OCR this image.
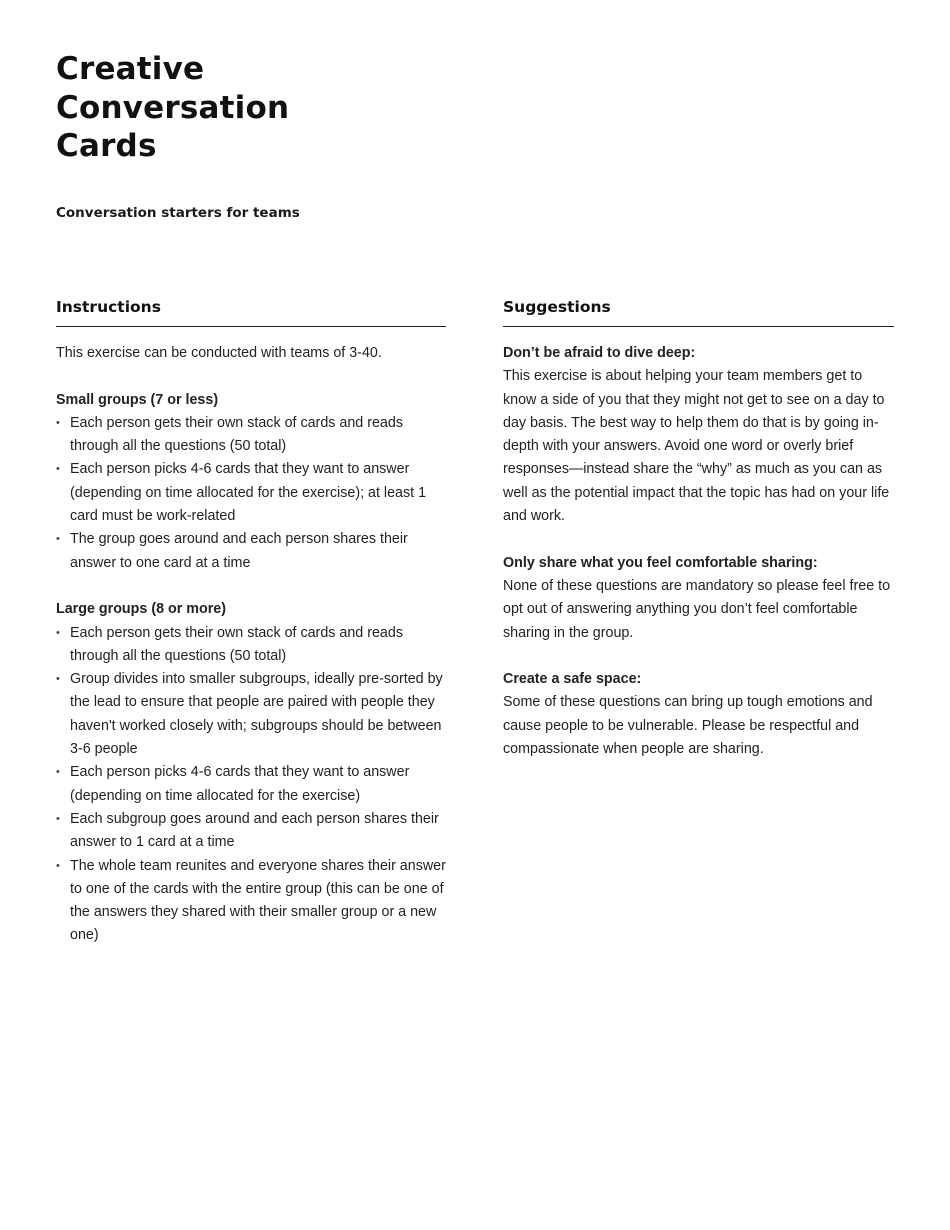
Creative
Conversation
Cards

Conversation starters for teams

Instructions

This exercise can be conducted with teams of 3-40.

Small groups (7 or less)

• Each person gets their own stack of cards and reads through all the questions (50 total)
• Each person picks 4-6 cards that they want to answer (depending on time allocated for the exercise); at least 1 card must be work-related
• The group goes around and each person shares their answer to one card at a time

Large groups (8 or more)

• Each person gets their own stack of cards and reads through all the questions (50 total)
• Group divides into smaller subgroups, ideally pre-sorted by the lead to ensure that people are paired with people they haven't worked closely with; subgroups should be between 3-6 people
• Each person picks 4-6 cards that they want to answer (depending on time allocated for the exercise)
• Each subgroup goes around and each person shares their answer to 1 card at a time
• The whole team reunites and everyone shares their answer to one of the cards with the entire group (this can be one of the answers they shared with their smaller group or a new one)
Suggestions

Don’t be afraid to dive deep:

This exercise is about helping your team members get to know a side of you that they might not get to see on a day to day basis. The best way to help them do that is by going in-depth with your answers. Avoid one word or overly brief responses—instead share the “why” as much as you can as well as the potential impact that the topic has had on your life and work.

Only share what you feel comfortable sharing:

None of these questions are mandatory so please feel free to opt out of answering anything you don’t feel comfortable sharing in the group.

Create a safe space:

Some of these questions can bring up tough emotions and cause people to be vulnerable. Please be respectful and compassionate when people are sharing.
